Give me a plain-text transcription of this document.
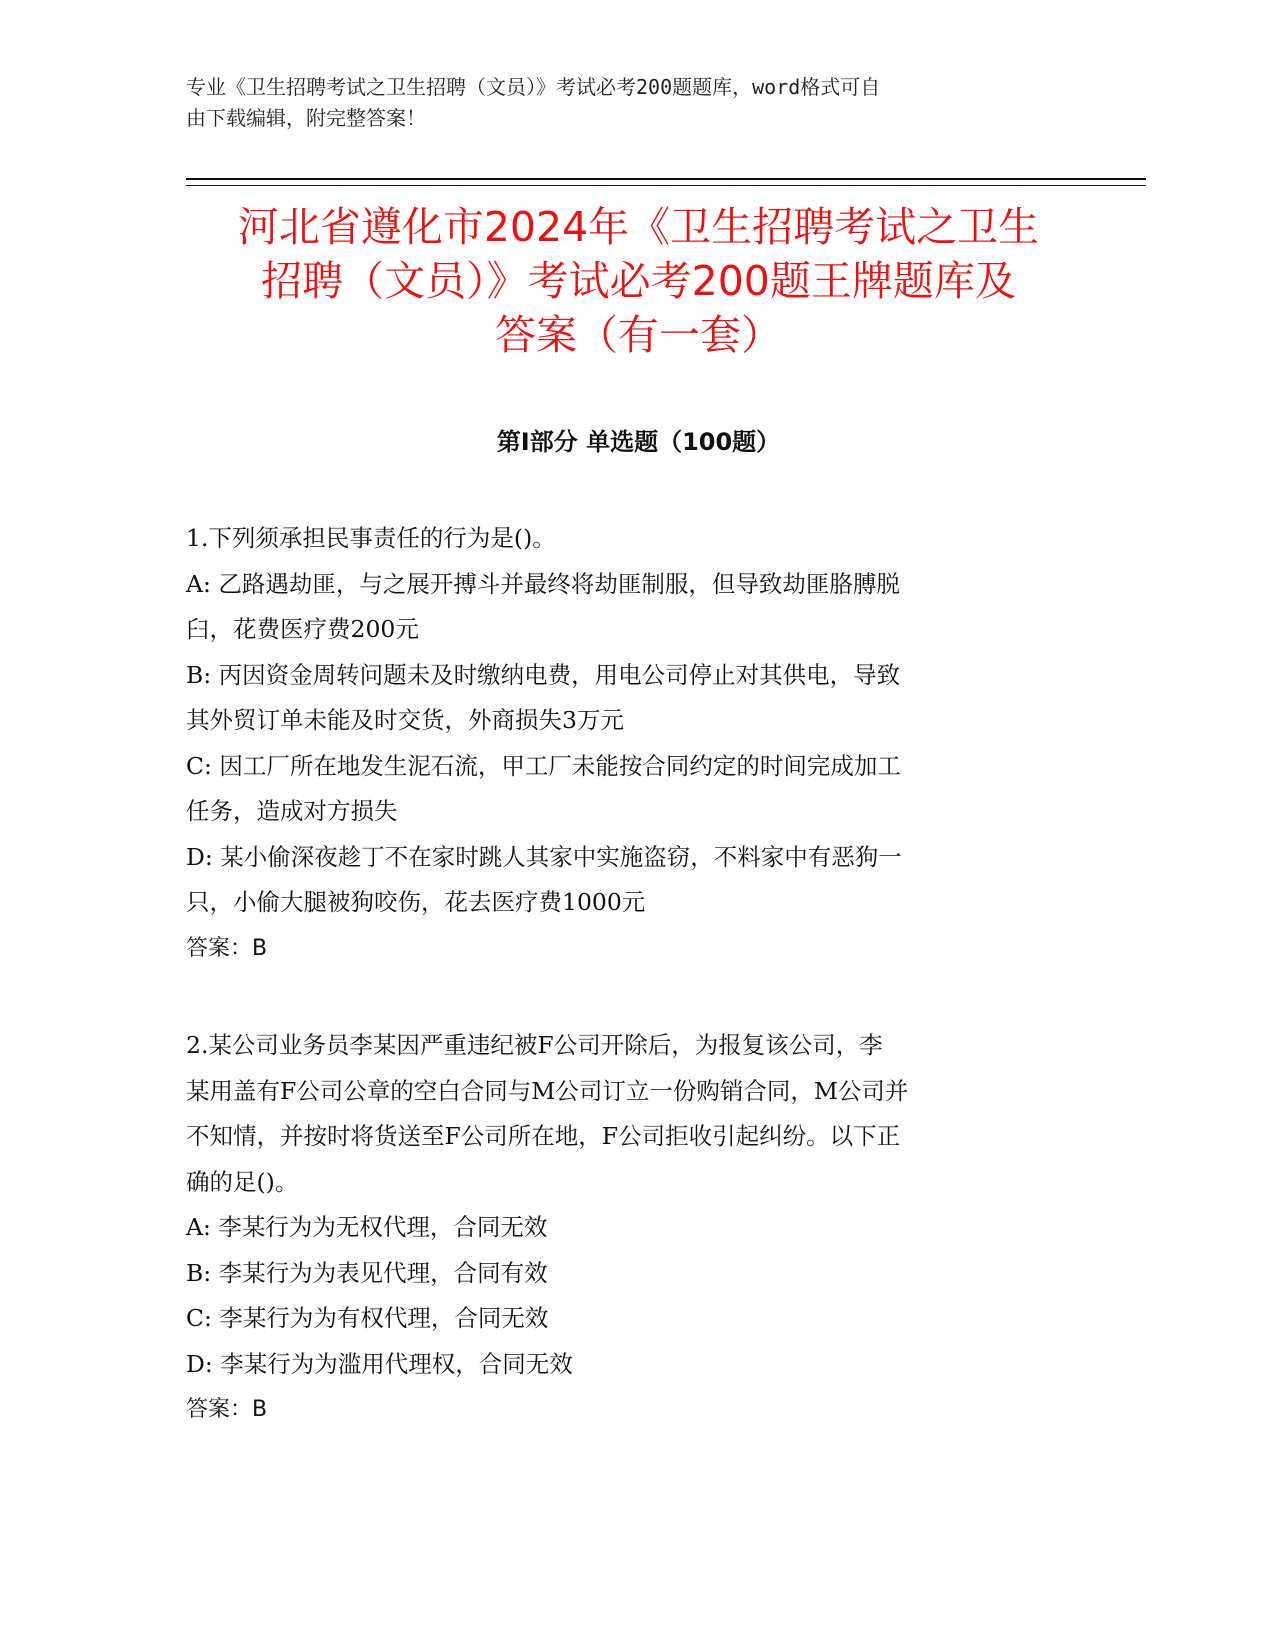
专业《卫生招聘考试之卫生招聘（文员）》考试必考200题题库，word格式可自
由下载编辑，附完整答案！
河北省遵化市2024年《卫生招聘考试之卫生
招聘（文员）》考试必考200题王牌题库及
答案（有一套）
第Ⅰ部分 单选题（100题）
1.下列须承担民事责任的行为是()。
A: 乙路遇劫匪，与之展开搏斗并最终将劫匪制服，但导致劫匪胳膊脱
臼，花费医疗费200元
B: 丙因资金周转问题未及时缴纳电费，用电公司停止对其供电，导致
其外贸订单未能及时交货，外商损失3万元
C: 因工厂所在地发生泥石流，甲工厂未能按合同约定的时间完成加工
任务，造成对方损失
D: 某小偷深夜趁丁不在家时跳人其家中实施盗窃，不料家中有恶狗一
只，小偷大腿被狗咬伤，花去医疗费1000元
答案：B
2.某公司业务员李某因严重违纪被F公司开除后，为报复该公司，李
某用盖有F公司公章的空白合同与M公司订立一份购销合同，M公司并
不知情，并按时将货送至F公司所在地，F公司拒收引起纠纷。以下正
确的足()。
A: 李某行为为无权代理，合同无效
B: 李某行为为表见代理，合同有效
C: 李某行为为有权代理，合同无效
D: 李某行为为滥用代理权，合同无效
答案：B
